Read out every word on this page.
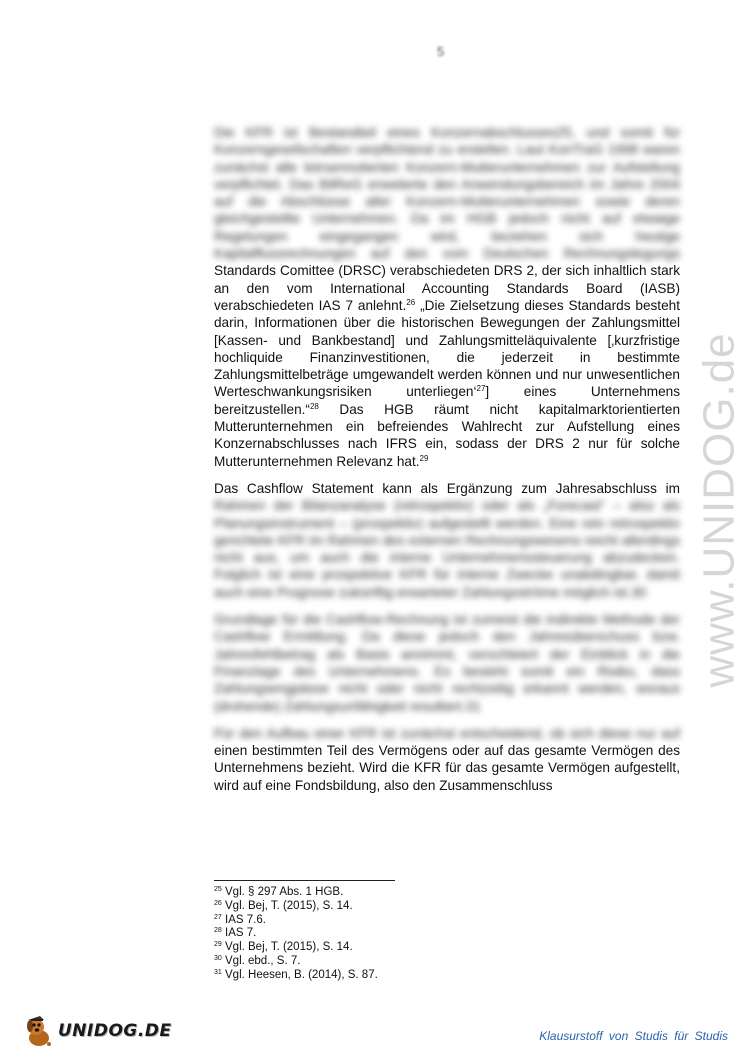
5
www.UNIDOG.de

Die KFR ist Bestandteil eines Konzernabschlusses25, und somit für Konzerngesellschaften verpflichtend zu erstellen. Laut KonTraG 1998 waren zunächst alle börsennotierten Konzern-Mutterunternehmen zur Aufstellung verpflichtet. Das BilReG erweiterte den Anwendungsbereich im Jahre 2004 auf die Abschlüsse aller Konzern-Mutterunternehmen sowie deren gleichgestellte Unternehmen. Da im HGB jedoch nicht auf etwaige Regelungen eingegangen wird, beziehen sich heutige Kapitalflussrechnungen auf den vom Deutschen Rechnungslegungs Standards Comittee (DRSC) verabschiedeten DRS 2, der sich inhaltlich stark an den vom International Accounting Standards Board (IASB) verabschiedeten IAS 7 anlehnt.$^{26}$ „Die Zielsetzung dieses Standards besteht darin, Informationen über die historischen Bewegungen der Zahlungsmittel [Kassen- und Bankbestand] und Zahlungsmitteläquivalente [‚kurzfristige hochliquide Finanzinvestitionen, die jederzeit in bestimmte Zahlungsmittelbeträge umgewandelt werden können und nur unwesentlichen Werteschwankungsrisiken unterliegen‘$^{27}$] eines Unternehmens bereitzustellen.“$^{28}$ Das HGB räumt nicht kapitalmarktorientierten Mutterunternehmen ein befreiendes Wahlrecht zur Aufstellung eines Konzernabschlusses nach IFRS ein, sodass der DRS 2 nur für solche Mutterunternehmen Relevanz hat.$^{29}$

Das Cashflow Statement kann als Ergänzung zum Jahresabschluss im Rahmen der Bilanzanalyse (retrospektiv) oder als „Forecast“ – also als Planungsinstrument – (prospektiv) aufgestellt werden. Eine rein retrospektiv gerichtete KFR im Rahmen des externen Rechnungswesens reicht allerdings nicht aus, um auch die interne Unternehmenssteuerung abzudecken. Folglich ist eine prospektive KFR für interne Zwecke unabdingbar, damit auch eine Prognose zukünftig erwarteter Zahlungsströme möglich ist.30

Grundlage für die Cashflow-Rechnung ist zumeist die indirekte Methode der Cashflow Ermittlung. Da diese jedoch den Jahresüberschuss bzw. Jahresfehlbetrag als Basis annimmt, verschleiert der Einblick in die Finanzlage des Unternehmens. Es besteht somit ein Risiko, dass Zahlungsengpässe nicht oder nicht rechtzeitig erkannt werden, woraus (drohende) Zahlungsunfähigkeit resultiert.31

Für den Aufbau einer KFR ist zunächst entscheidend, ob sich diese nur auf einen bestimmten Teil des Vermögens oder auf das gesamte Vermögen des Unternehmens bezieht. Wird die KFR für das gesamte Vermögen aufgestellt, wird auf eine Fondsbildung, also den Zusammenschluss

$^{25}$ Vgl. § 297 Abs. 1 HGB.
$^{26}$ Vgl. Bej, T. (2015), S. 14.
$^{27}$ IAS 7.6.
$^{28}$ IAS 7.
$^{29}$ Vgl. Bej, T. (2015), S. 14.
$^{30}$ Vgl. ebd., S. 7.
$^{31}$ Vgl. Heesen, B. (2014), S. 87.
UNIDOG.DE	Klausurstoff von Studis für Studis
